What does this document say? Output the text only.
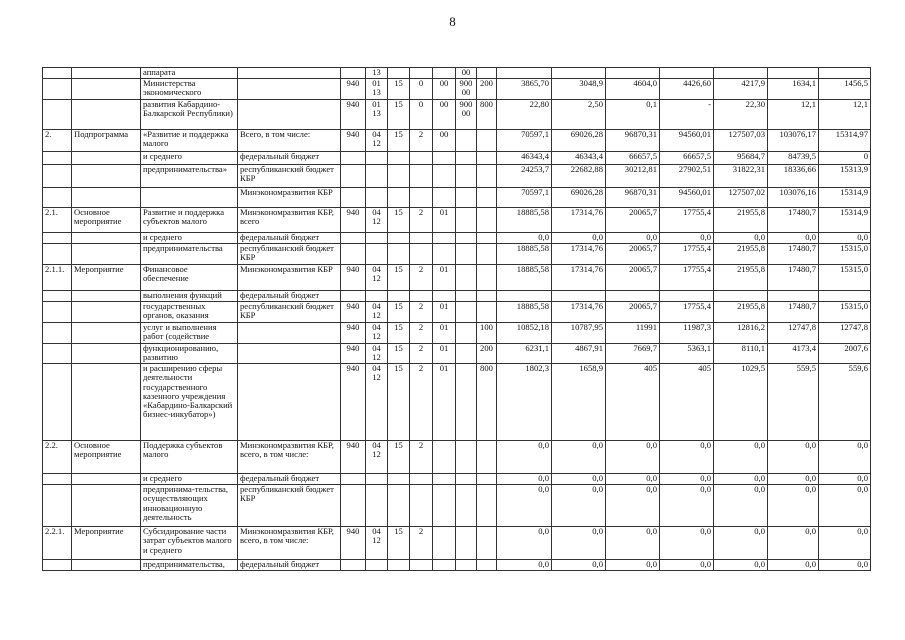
8
		аппарата			13				00								
		Министерства экономического		940	01 13	15	0	00	900 00	200	3865,70	3048,9	4604,0	4426,60	4217,9	1634,1	1456,5
		развития Кабардино-Балкарской Республики)		940	01 13	15	0	00	900 00	800	22,80	2,50	0,1	-	22,30	12,1	12,1
2.	Подпрограмма	«Развитие и поддержка малого	Всего, в том числе:	940	04 12	15	2	00			70597,1	69026,28	96870,31	94560,01	127507,03	103076,17	15314,97
		и среднего	федеральный бюджет								46343,4	46343,4	66657,5	66657,5	95684,7	84739,5	0
		предпринимательства»	республиканский бюджет КБР								24253,7	22682,88	30212,81	27902,51	31822,31	18336,66	15313,9
			Минэкономразвития КБР								70597,1	69026,28	96870,31	94560,01	127507,02	103076,16	15314,9
2.1.	Основное мероприятие	Развитие и поддержка субъектов малого	Минэкономразвития КБР, всего	940	04 12	15	2	01			18885,58	17314,76	20065,7	17755,4	21955,8	17480,7	15314,9
		и среднего	федеральный бюджет								0,0	0,0	0,0	0,0	0,0	0,0	0,0
		предпринимательства	республиканский бюджет КБР								18885,58	17314,76	20065,7	17755,4	21955,8	17480,7	15315,0
2.1.1.	Мероприятие	Финансовое обеспечение	Минэкономразвития КБР	940	04 12	15	2	01			18885,58	17314,76	20065,7	17755,4	21955,8	17480,7	15315,0
		выполнения функций	федеральный бюджет														
		государственных органов, оказания	республиканский бюджет КБР	940	04 12	15	2	01			18885,58	17314,76	20065,7	17755,4	21955,8	17480,7	15315,0
		услуг и выполнения работ (содействие		940	04 12	15	2	01		100	10852,18	10787,95	11991	11987,3	12816,2	12747,8	12747,8
		функционированию, развитию		940	04 12	15	2	01		200	6231,1	4867,91	7669,7	5363,1	8110,1	4173,4	2007,6
		и расширению сферы деятельности государственного казенного учреждения «Кабардино-Балкарский бизнес-инкубатор»)		940	04 12	15	2	01		800	1802,3	1658,9	405	405	1029,5	559,5	559,6
2.2.	Основное мероприятие	Поддержка субъектов малого	Минэкономразвития КБР, всего, в том числе:	940	04 12	15	2				0,0	0,0	0,0	0,0	0,0	0,0	0,0
		и среднего	федеральный бюджет								0,0	0,0	0,0	0,0	0,0	0,0	0,0
		предпринима-тельства, осуществляющих инновационную деятельность	республиканский бюджет КБР								0,0	0,0	0,0	0,0	0,0	0,0	0,0
2.2.1.	Мероприятие	Субсидирование части затрат субъектов малого и среднего	Минэкономразвития КБР, всего, в том числе:	940	04 12	15	2				0,0	0,0	0,0	0,0	0,0	0,0	0,0
		предпринимательства,	федеральный бюджет								0,0	0,0	0,0	0,0	0,0	0,0	0,0
